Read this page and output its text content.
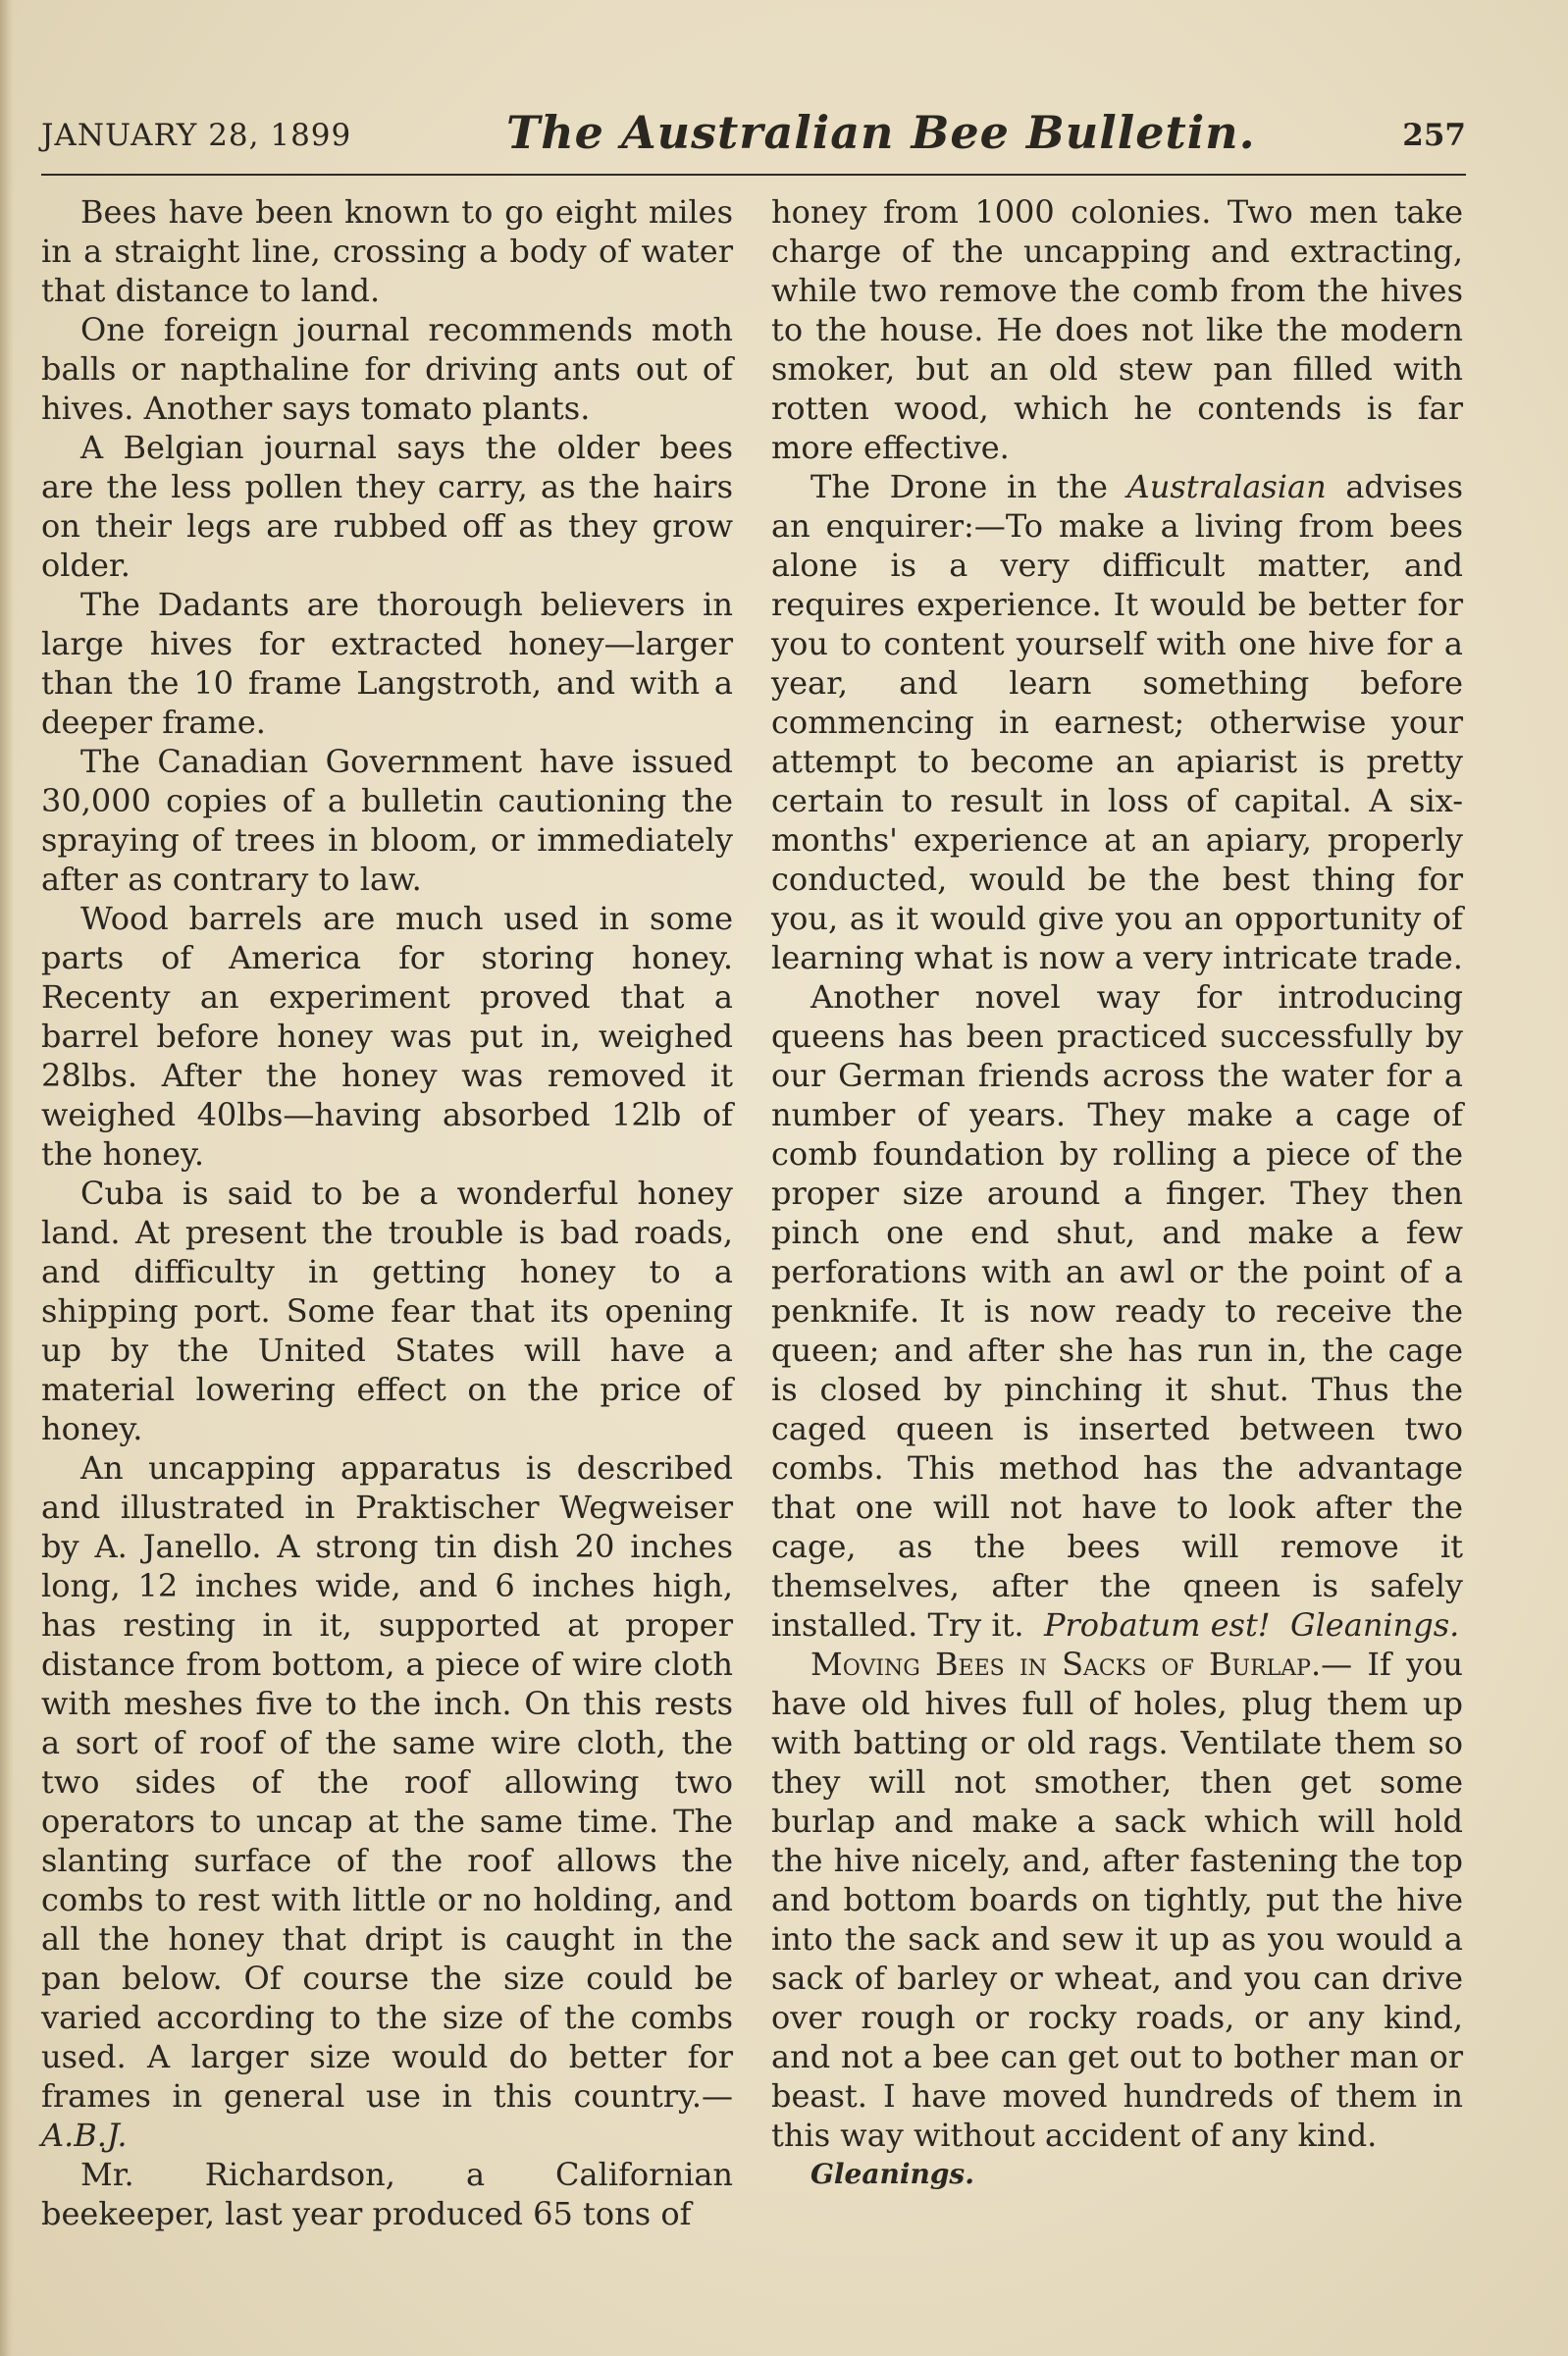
JANUARY 28, 1899	The Australian Bee Bulletin.	257

Bees have been known to go eight miles in a straight line, crossing a body of water that distance to land.

One foreign journal recommends moth balls or napthaline for driving ants out of hives. Another says tomato plants.

A Belgian journal says the older bees are the less pollen they carry, as the hairs on their legs are rubbed off as they grow older.

The Dadants are thorough believers in large hives for extracted honey—larger than the 10 frame Langstroth, and with a deeper frame.

The Canadian Government have issued 30,000 copies of a bulletin cautioning the spraying of trees in bloom, or immediately after as contrary to law.

Wood barrels are much used in some parts of America for storing honey. Recenty an experiment proved that a barrel before honey was put in, weighed 28lbs. After the honey was removed it weighed 40lbs—having absorbed 12lb of the honey.

Cuba is said to be a wonderful honey land. At present the trouble is bad roads, and difficulty in getting honey to a shipping port. Some fear that its opening up by the United States will have a material lowering effect on the price of honey.

An uncapping apparatus is described and illustrated in Praktischer Wegweiser by A. Janello. A strong tin dish 20 inches long, 12 inches wide, and 6 inches high, has resting in it, supported at proper distance from bottom, a piece of wire cloth with meshes five to the inch. On this rests a sort of roof of the same wire cloth, the two sides of the roof allowing two operators to uncap at the same time. The slanting surface of the roof allows the combs to rest with little or no holding, and all the honey that dript is caught in the pan below. Of course the size could be varied according to the size of the combs used. A larger size would do better for frames in general use in this country.—A.B.J.

Mr. Richardson, a Californian beekeeper, last year produced 65 tons of

honey from 1000 colonies. Two men take charge of the uncapping and extracting, while two remove the comb from the hives to the house. He does not like the modern smoker, but an old stew pan filled with rotten wood, which he contends is far more effective.

The Drone in the Australasian advises an enquirer:—To make a living from bees alone is a very difficult matter, and requires experience. It would be better for you to content yourself with one hive for a year, and learn something before commencing in earnest; otherwise your attempt to become an apiarist is pretty certain to result in loss of capital. A six-months' experience at an apiary, properly conducted, would be the best thing for you, as it would give you an opportunity of learning what is now a very intricate trade.

Another novel way for introducing queens has been practiced successfully by our German friends across the water for a number of years. They make a cage of comb foundation by rolling a piece of the proper size around a finger. They then pinch one end shut, and make a few perforations with an awl or the point of a penknife. It is now ready to receive the queen; and after she has run in, the cage is closed by pinching it shut. Thus the caged queen is inserted between two combs. This method has the advantage that one will not have to look after the cage, as the bees will remove it themselves, after the qneen is safely installed. Try it. Probatum est! Gleanings.

Moving Bees in Sacks of Burlap.— If you have old hives full of holes, plug them up with batting or old rags. Ventilate them so they will not smother, then get some burlap and make a sack which will hold the hive nicely, and, after fastening the top and bottom boards on tightly, put the hive into the sack and sew it up as you would a sack of barley or wheat, and you can drive over rough or rocky roads, or any kind, and not a bee can get out to bother man or beast. I have moved hundreds of them in this way without accident of any kind.

Gleanings.
